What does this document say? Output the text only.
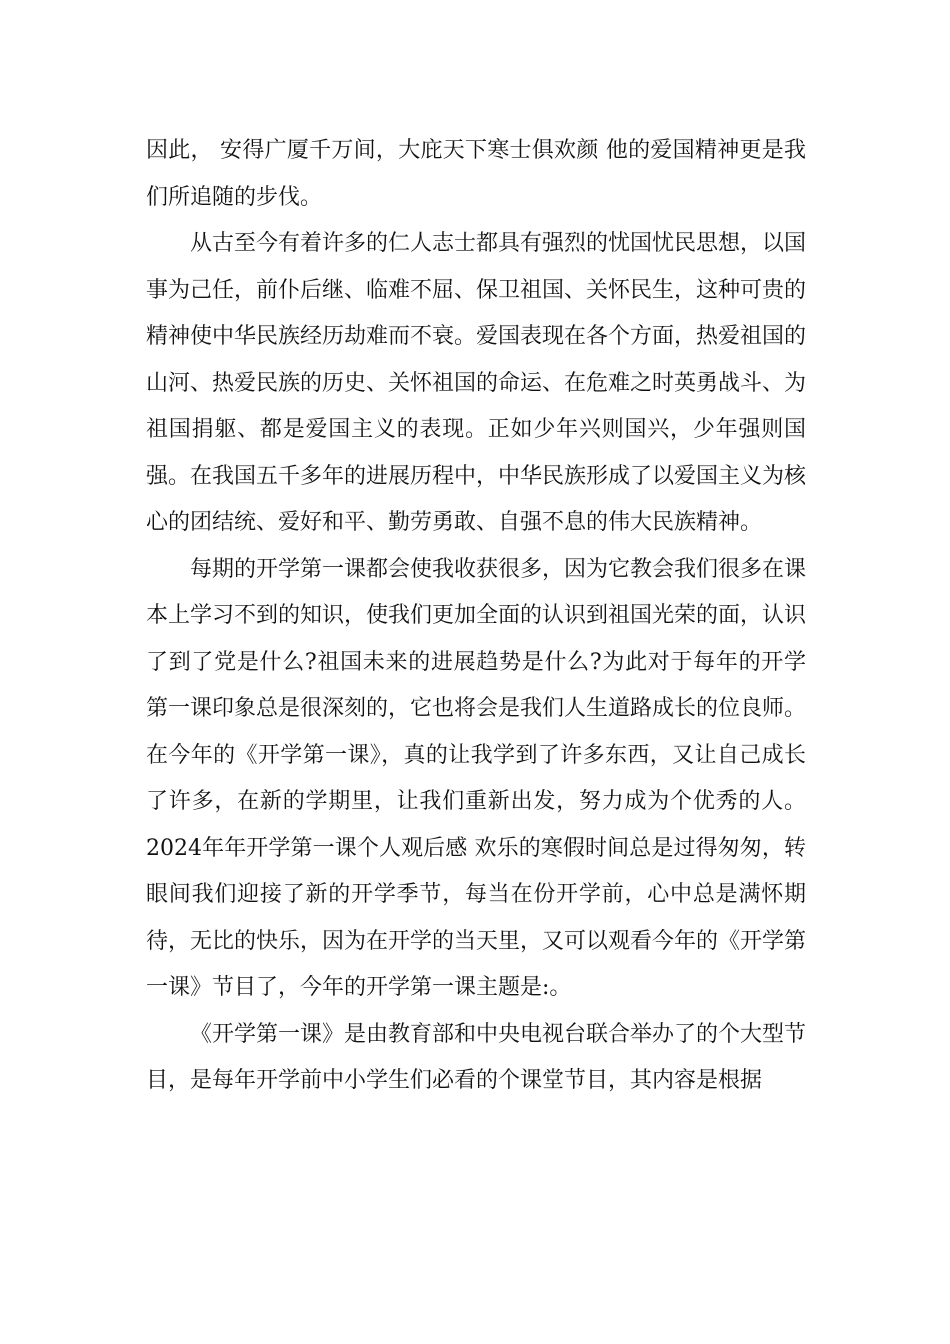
因此， 安得广厦千万间，大庇天下寒士俱欢颜 他的爱国精神更是我们所追随的步伐。

从古至今有着许多的仁人志士都具有强烈的忧国忧民思想，以国事为己任，前仆后继、临难不屈、保卫祖国、关怀民生，这种可贵的精神使中华民族经历劫难而不衰。爱国表现在各个方面，热爱祖国的山河、热爱民族的历史、关怀祖国的命运、在危难之时英勇战斗、为祖国捐躯、都是爱国主义的表现。正如少年兴则国兴，少年强则国强。在我国五千多年的进展历程中，中华民族形成了以爱国主义为核心的团结统、爱好和平、勤劳勇敢、自强不息的伟大民族精神。

每期的开学第一课都会使我收获很多，因为它教会我们很多在课本上学习不到的知识，使我们更加全面的认识到祖国光荣的面，认识了到了党是什么?祖国未来的进展趋势是什么?为此对于每年的开学第一课印象总是很深刻的，它也将会是我们人生道路成长的位良师。在今年的《开学第一课》，真的让我学到了许多东西，又让自己成长了许多，在新的学期里，让我们重新出发，努力成为个优秀的人。 2024年年开学第一课个人观后感 欢乐的寒假时间总是过得匆匆，转眼间我们迎接了新的开学季节，每当在份开学前，心中总是满怀期待，无比的快乐，因为在开学的当天里，又可以观看今年的《开学第一课》节目了，今年的开学第一课主题是:。

《开学第一课》是由教育部和中央电视台联合举办了的个大型节目，是每年开学前中小学生们必看的个课堂节目，其内容是根据
